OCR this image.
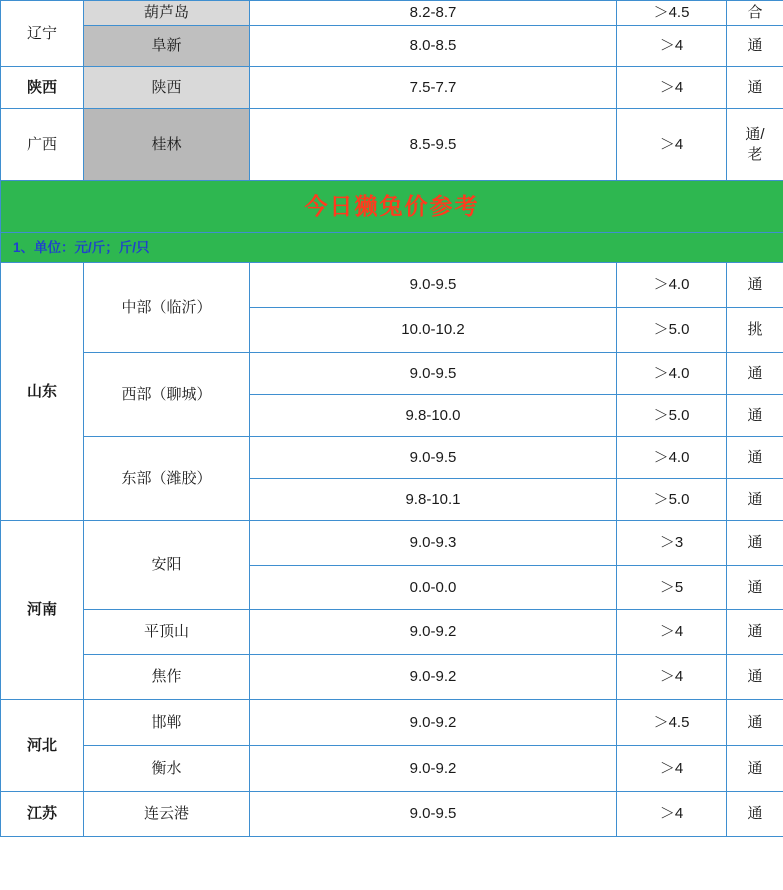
辽宁	葫芦岛	8.2-8.7	＞4.5	合
	阜新	8.0-8.5	＞4	通
陕西	陕西	7.5-7.7	＞4	通
广西	桂林	8.5-9.5	＞4	通/
老

今日獭兔价参考				

1、单位：元/斤；斤/只				

山东	中部（临沂）	9.0-9.5	＞4.0	通
		10.0-10.2	＞5.0	挑
	西部（聊城）	9.0-9.5	＞4.0	通
		9.8-10.0	＞5.0	通
	东部（潍胶）	9.0-9.5	＞4.0	通
		9.8-10.1	＞5.0	通
河南	安阳	9.0-9.3	＞3	通
		0.0-0.0	＞5	通
	平顶山	9.0-9.2	＞4	通
	焦作	9.0-9.2	＞4	通
河北	邯郸	9.0-9.2	＞4.5	通
	衡水	9.0-9.2	＞4	通
江苏	连云港	9.0-9.5	＞4	通
